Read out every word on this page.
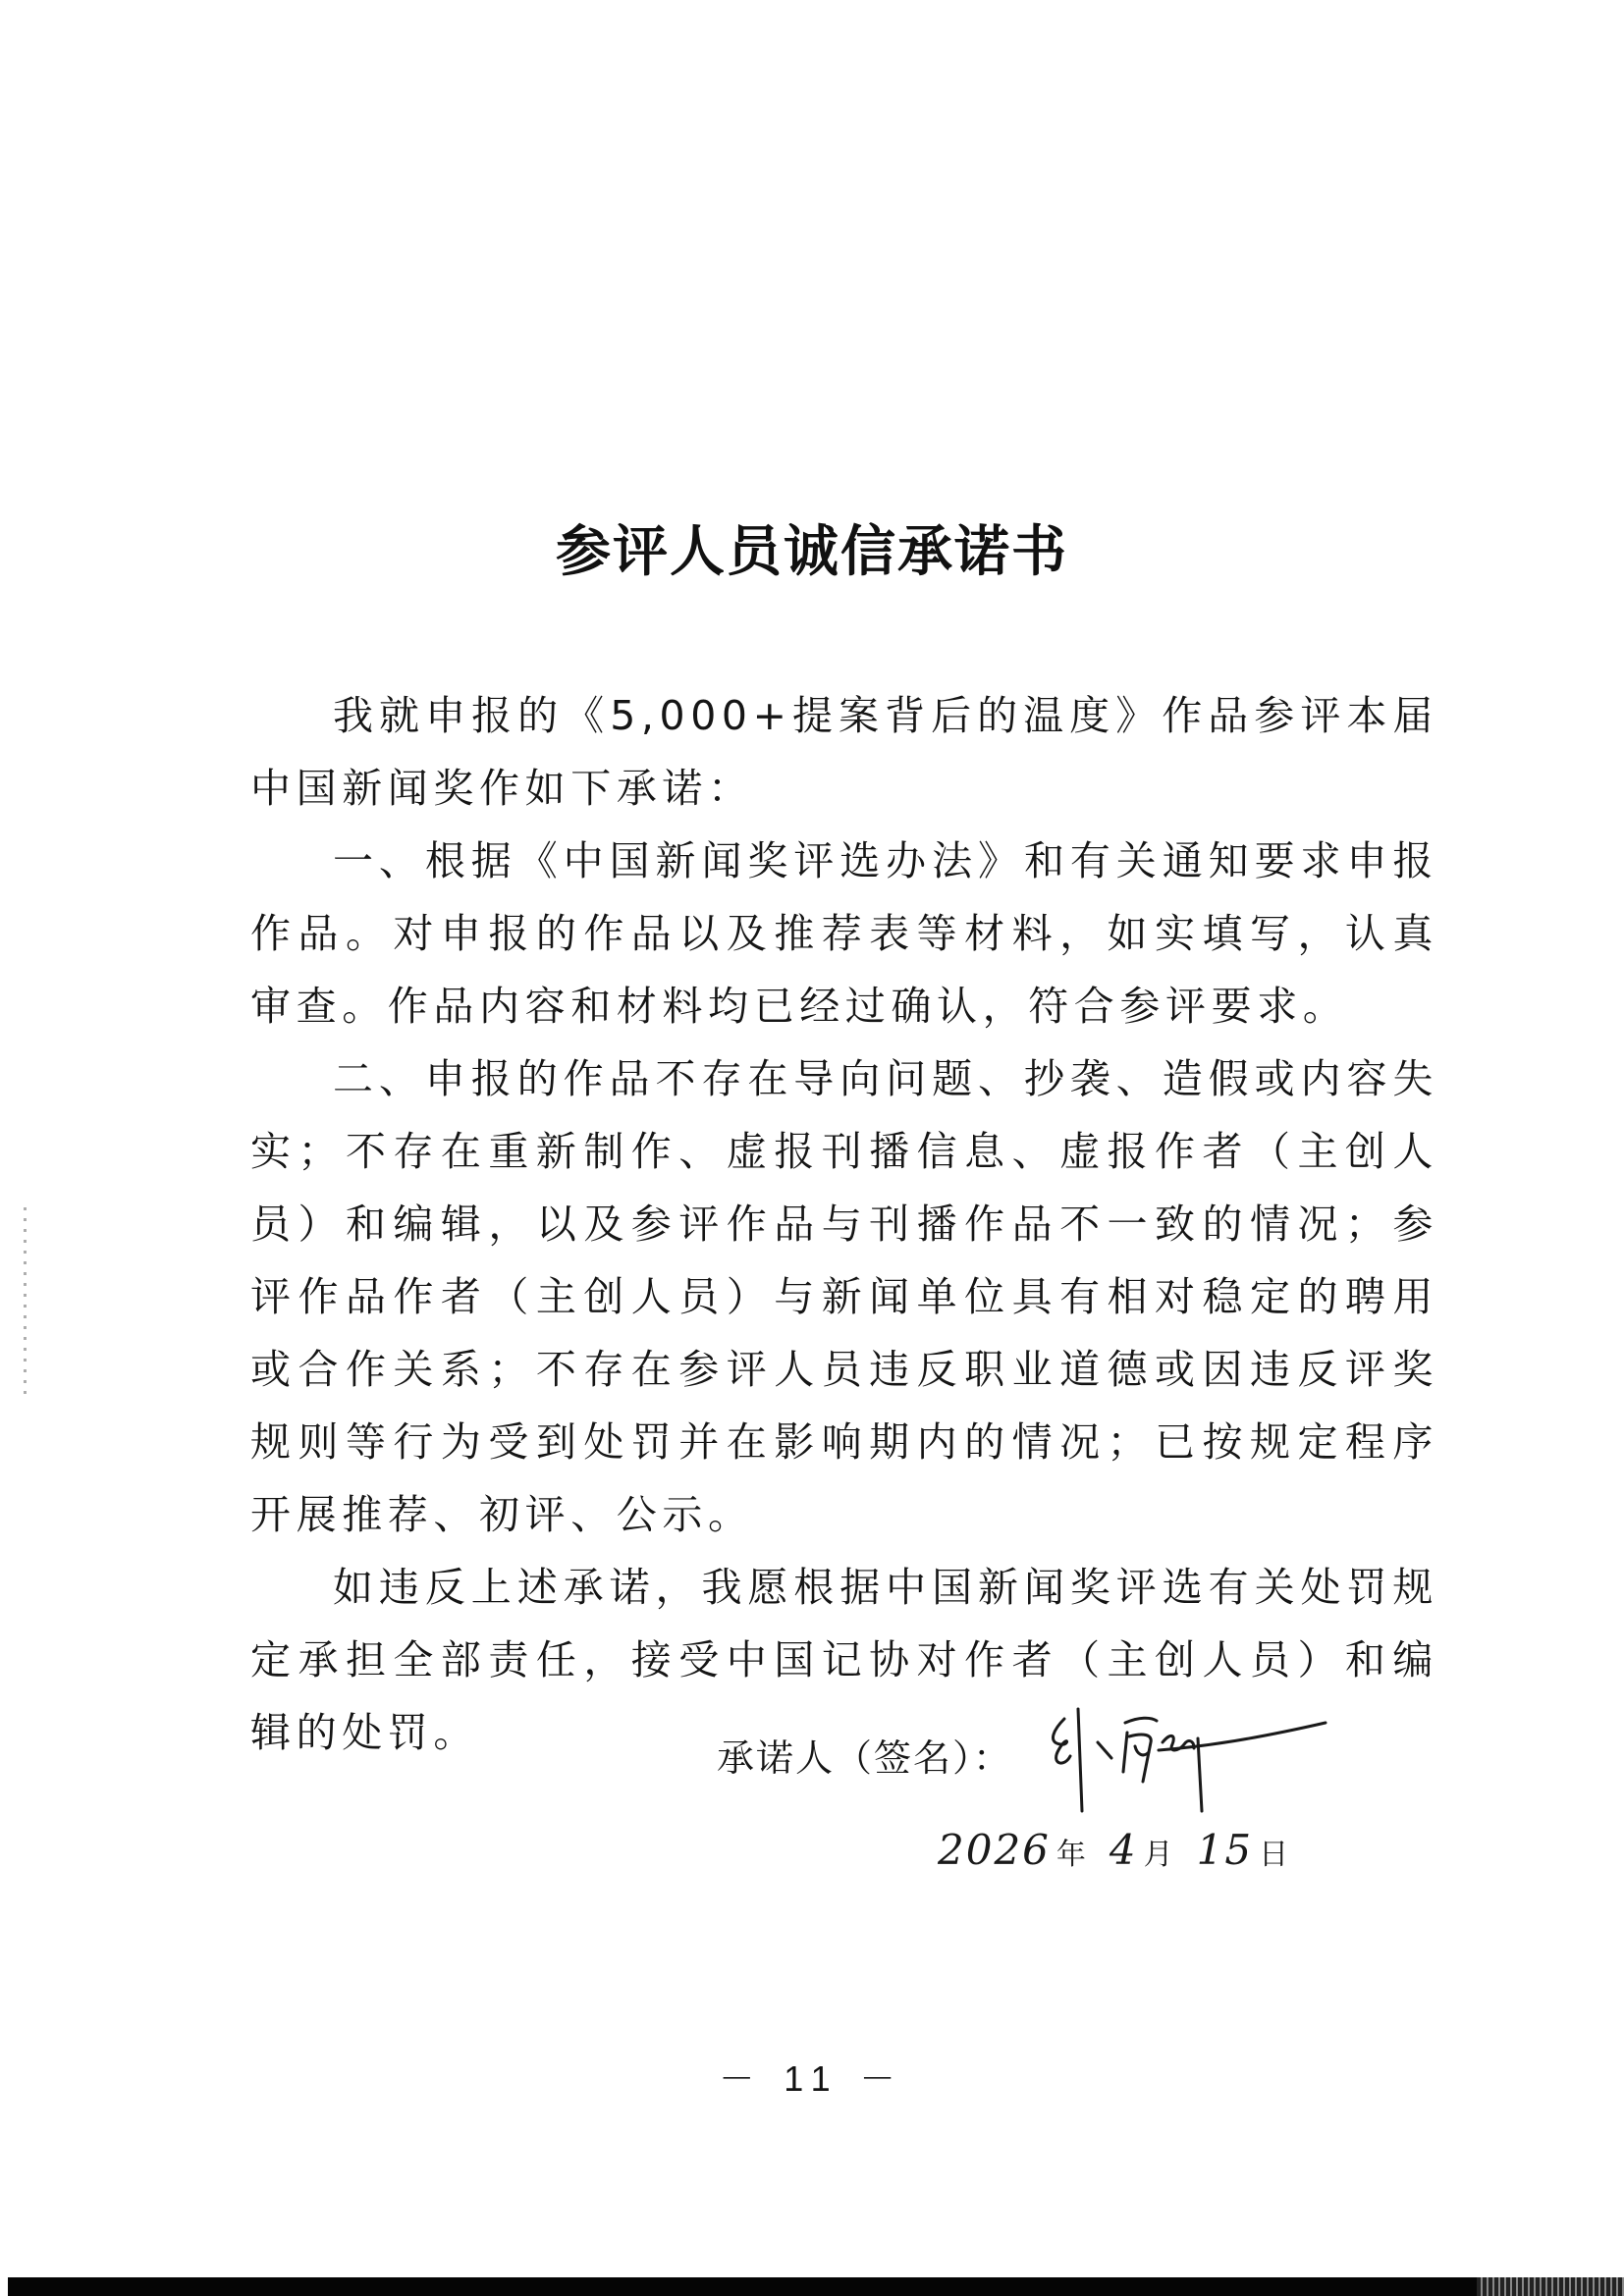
参评人员诚信承诺书

我就申报的《5,000+提案背后的温度》作品参评本届中国新闻奖作如下承诺：

一、根据《中国新闻奖评选办法》和有关通知要求申报作品。对申报的作品以及推荐表等材料，如实填写，认真审查。作品内容和材料均已经过确认，符合参评要求。

二、申报的作品不存在导向问题、抄袭、造假或内容失实；不存在重新制作、虚报刊播信息、虚报作者（主创人员）和编辑，以及参评作品与刊播作品不一致的情况；参评作品作者（主创人员）与新闻单位具有相对稳定的聘用或合作关系；不存在参评人员违反职业道德或因违反评奖规则等行为受到处罚并在影响期内的情况；已按规定程序开展推荐、初评、公示。

如违反上述承诺，我愿根据中国新闻奖评选有关处罚规定承担全部责任，接受中国记协对作者（主创人员）和编辑的处罚。

承诺人（签名）：
2026 年 4 月 15 日
－ 11 －
